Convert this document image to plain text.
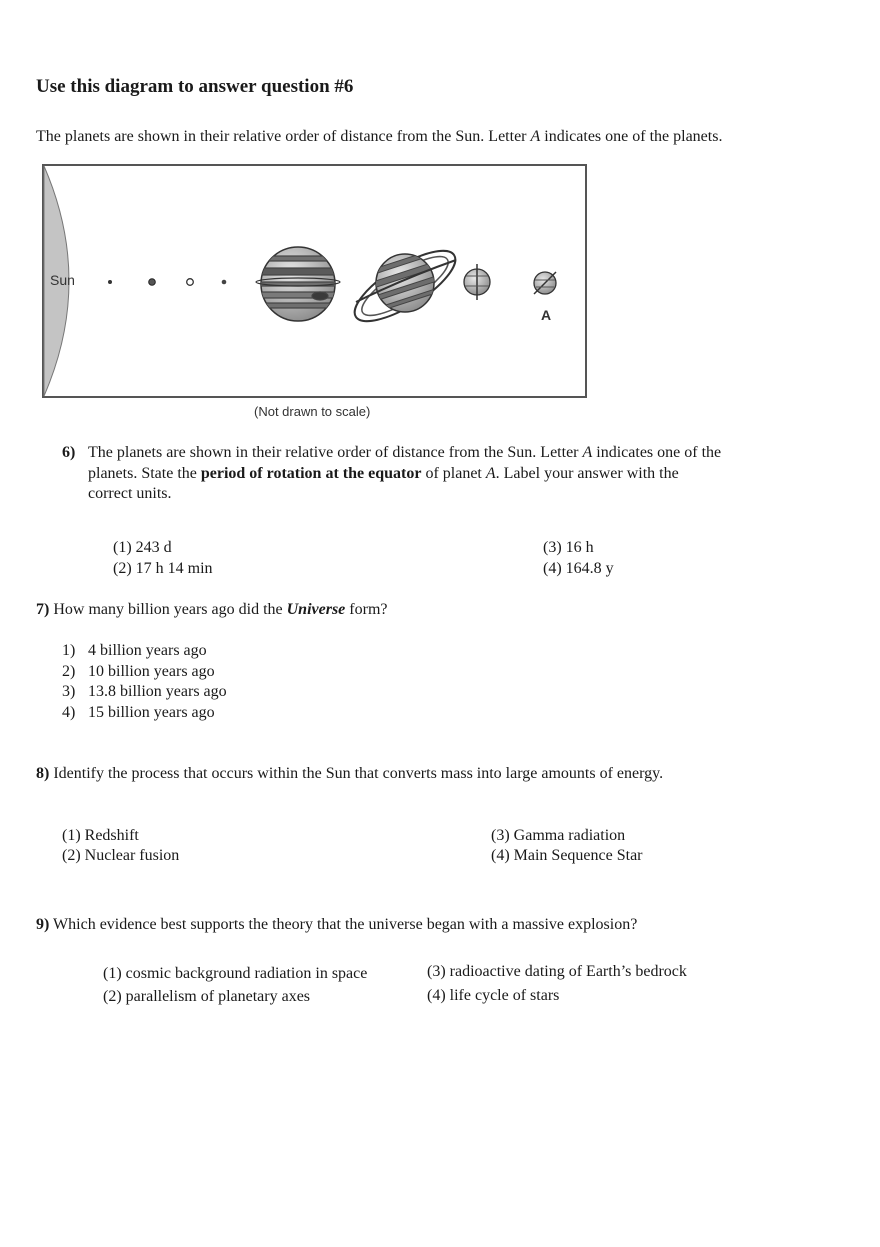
Use this diagram to answer question #6
The planets are shown in their relative order of distance from the Sun. Letter A indicates one of the planets.
Sun
A
(Not drawn to scale)
6) The planets are shown in their relative order of distance from the Sun. Letter A indicates one of the
planets. State the period of rotation at the equator of planet A. Label your answer with the
correct units.
(1) 243 d
(2) 17 h 14 min
(3) 16 h
(4) 164.8 y
7) How many billion years ago did the Universe form?
1) 4 billion years ago
2) 10 billion years ago
3) 13.8 billion years ago
4) 15 billion years ago
8) Identify the process that occurs within the Sun that converts mass into large amounts of energy.
(1) Redshift
(2) Nuclear fusion
(3) Gamma radiation
(4) Main Sequence Star
9) Which evidence best supports the theory that the universe began with a massive explosion?
(1) cosmic background radiation in space
(2) parallelism of planetary axes
(3) radioactive dating of Earth’s bedrock
(4) life cycle of stars
